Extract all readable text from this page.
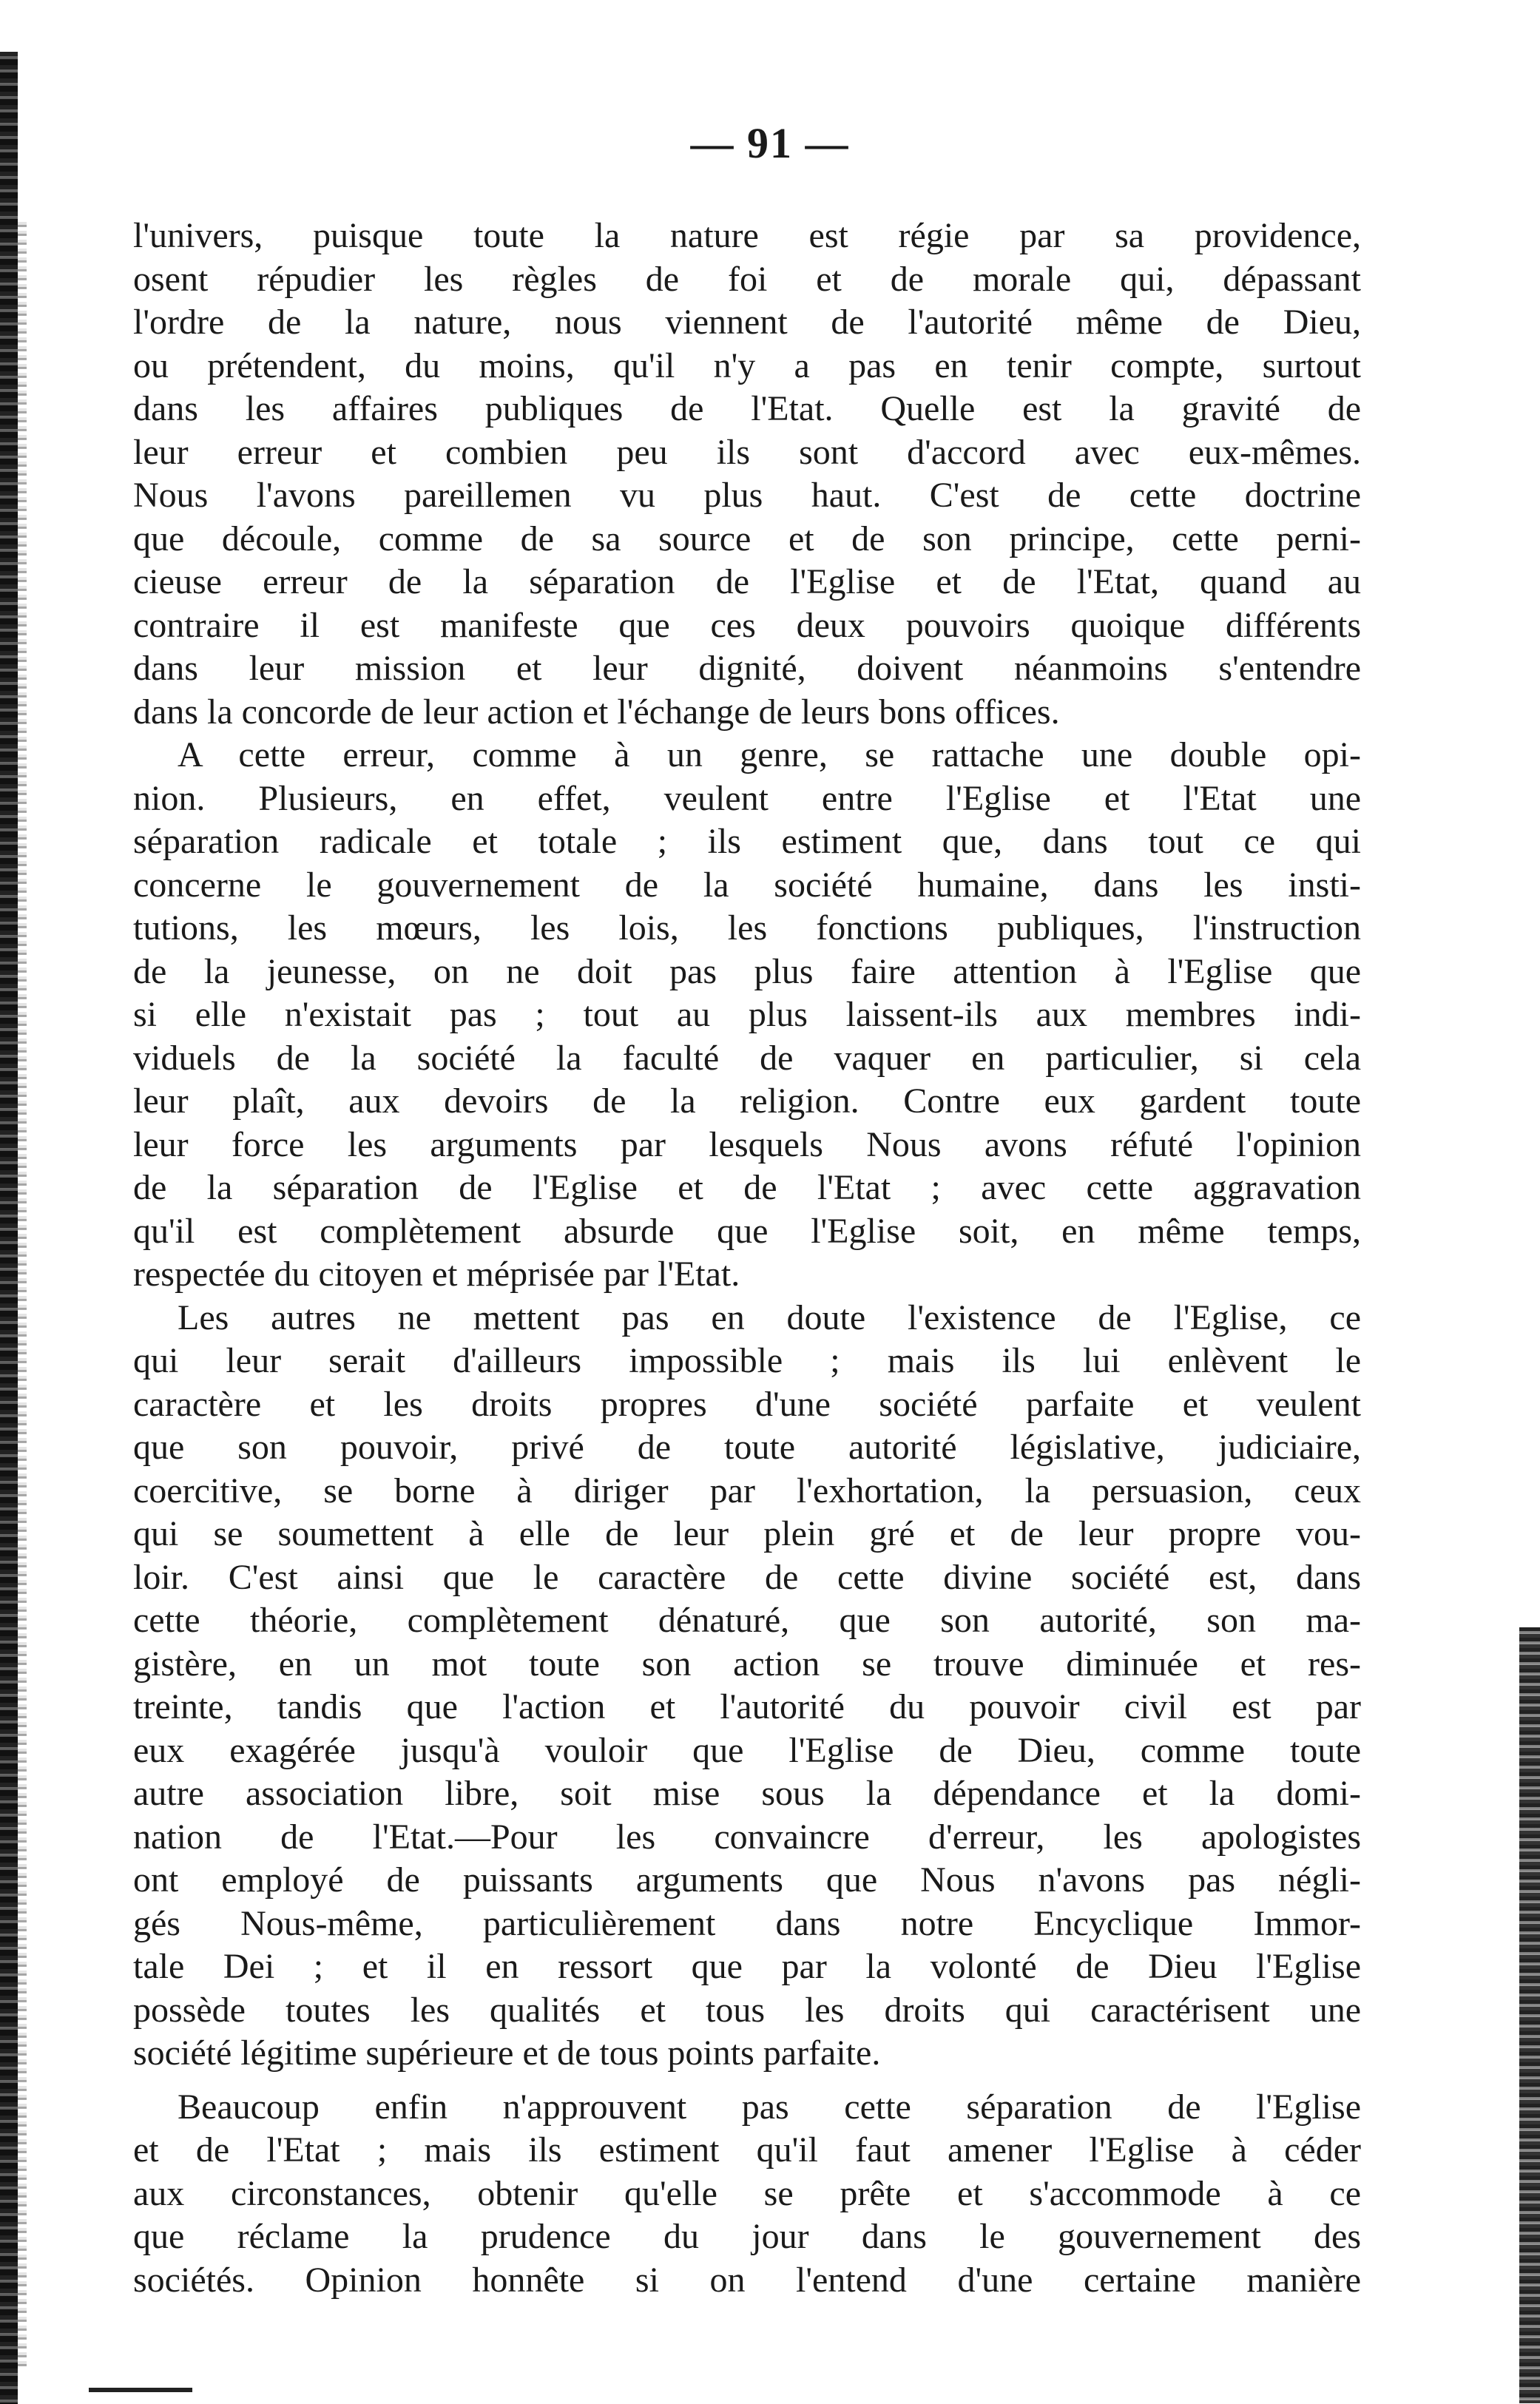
— 91 —
l'univers, puisque toute la nature est régie par sa providence,
osent répudier les règles de foi et de morale qui, dépassant
l'ordre de la nature, nous viennent de l'autorité même de Dieu,
ou prétendent, du moins, qu'il n'y a pas en tenir compte, surtout
dans les affaires publiques de l'Etat. Quelle est la gravité de
leur erreur et combien peu ils sont d'accord avec eux-mêmes.
Nous l'avons pareillemen vu plus haut. C'est de cette doctrine
que découle, comme de sa source et de son principe, cette perni-
cieuse erreur de la séparation de l'Eglise et de l'Etat, quand au
contraire il est manifeste que ces deux pouvoirs quoique différents
dans leur mission et leur dignité, doivent néanmoins s'entendre
dans la concorde de leur action et l'échange de leurs bons offices.
A cette erreur, comme à un genre, se rattache une double opi-
nion. Plusieurs, en effet, veulent entre l'Eglise et l'Etat une
séparation radicale et totale ; ils estiment que, dans tout ce qui
concerne le gouvernement de la société humaine, dans les insti-
tutions, les mœurs, les lois, les fonctions publiques, l'instruction
de la jeunesse, on ne doit pas plus faire attention à l'Eglise que
si elle n'existait pas ; tout au plus laissent-ils aux membres indi-
viduels de la société la faculté de vaquer en particulier, si cela
leur plaît, aux devoirs de la religion. Contre eux gardent toute
leur force les arguments par lesquels Nous avons réfuté l'opinion
de la séparation de l'Eglise et de l'Etat ; avec cette aggravation
qu'il est complètement absurde que l'Eglise soit, en même temps,
respectée du citoyen et méprisée par l'Etat.
Les autres ne mettent pas en doute l'existence de l'Eglise, ce
qui leur serait d'ailleurs impossible ; mais ils lui enlèvent le
caractère et les droits propres d'une société parfaite et veulent
que son pouvoir, privé de toute autorité législative, judiciaire,
coercitive, se borne à diriger par l'exhortation, la persuasion, ceux
qui se soumettent à elle de leur plein gré et de leur propre vou-
loir. C'est ainsi que le caractère de cette divine société est, dans
cette théorie, complètement dénaturé, que son autorité, son ma-
gistère, en un mot toute son action se trouve diminuée et res-
treinte, tandis que l'action et l'autorité du pouvoir civil est par
eux exagérée jusqu'à vouloir que l'Eglise de Dieu, comme toute
autre association libre, soit mise sous la dépendance et la domi-
nation de l'Etat.—Pour les convaincre d'erreur, les apologistes
ont employé de puissants arguments que Nous n'avons pas négli-
gés Nous-même, particulièrement dans notre Encyclique Immor-
tale Dei ; et il en ressort que par la volonté de Dieu l'Eglise
possède toutes les qualités et tous les droits qui caractérisent une
société légitime supérieure et de tous points parfaite.
Beaucoup enfin n'approuvent pas cette séparation de l'Eglise
et de l'Etat ; mais ils estiment qu'il faut amener l'Eglise à céder
aux circonstances, obtenir qu'elle se prête et s'accommode à ce
que réclame la prudence du jour dans le gouvernement des
sociétés. Opinion honnête si on l'entend d'une certaine manière
